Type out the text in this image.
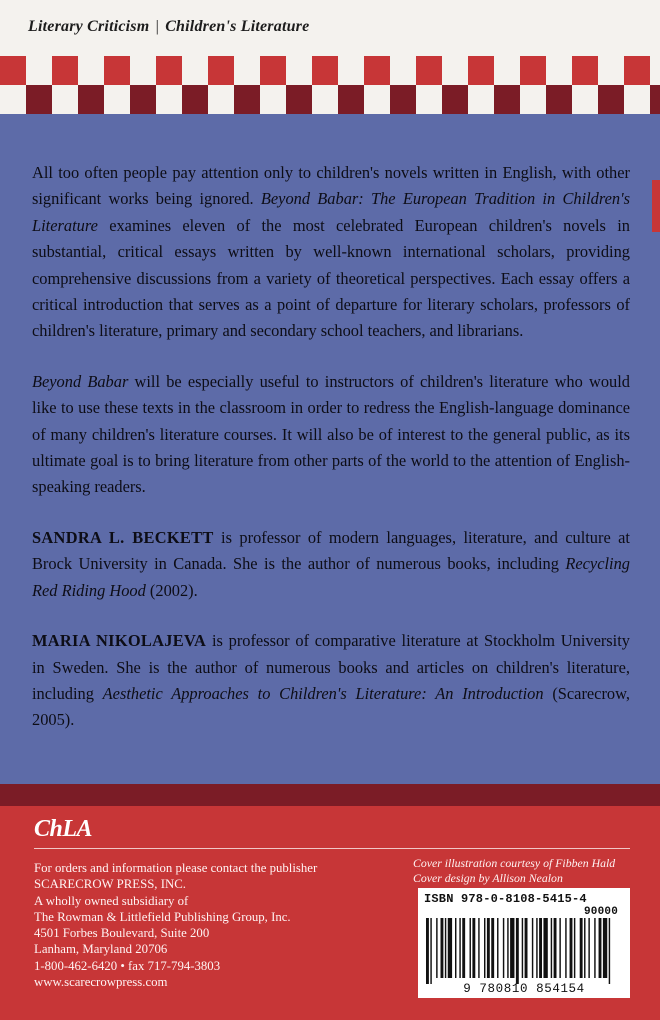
Literary Criticism | Children's Literature

All too often people pay attention only to children's novels written in English, with other significant works being ignored. Beyond Babar: The European Tradition in Children's Literature examines eleven of the most celebrated European children's novels in substantial, critical essays written by well-known international scholars, providing comprehensive discussions from a variety of theoretical perspectives. Each essay offers a critical introduction that serves as a point of departure for literary scholars, professors of children's literature, primary and secondary school teachers, and librarians.

Beyond Babar will be especially useful to instructors of children's literature who would like to use these texts in the classroom in order to redress the English-language dominance of many children's literature courses. It will also be of interest to the general public, as its ultimate goal is to bring literature from other parts of the world to the attention of English-speaking readers.

SANDRA L. BECKETT is professor of modern languages, literature, and culture at Brock University in Canada. She is the author of numerous books, including Recycling Red Riding Hood (2002).

MARIA NIKOLAJEVA is professor of comparative literature at Stockholm University in Sweden. She is the author of numerous books and articles on children's literature, including Aesthetic Approaches to Children's Literature: An Introduction (Scarecrow, 2005).

ChLA
For orders and information please contact the publisher
SCARECROW PRESS, INC.
A wholly owned subsidiary of
The Rowman & Littlefield Publishing Group, Inc.
4501 Forbes Boulevard, Suite 200
Lanham, Maryland 20706
1-800-462-6420 • fax 717-794-3803
www.scarecrowpress.com
Cover illustration courtesy of Fibben Hald
Cover design by Allison Nealon
ISBN 978-0-8108-5415-4
90000
9 780810 854154
